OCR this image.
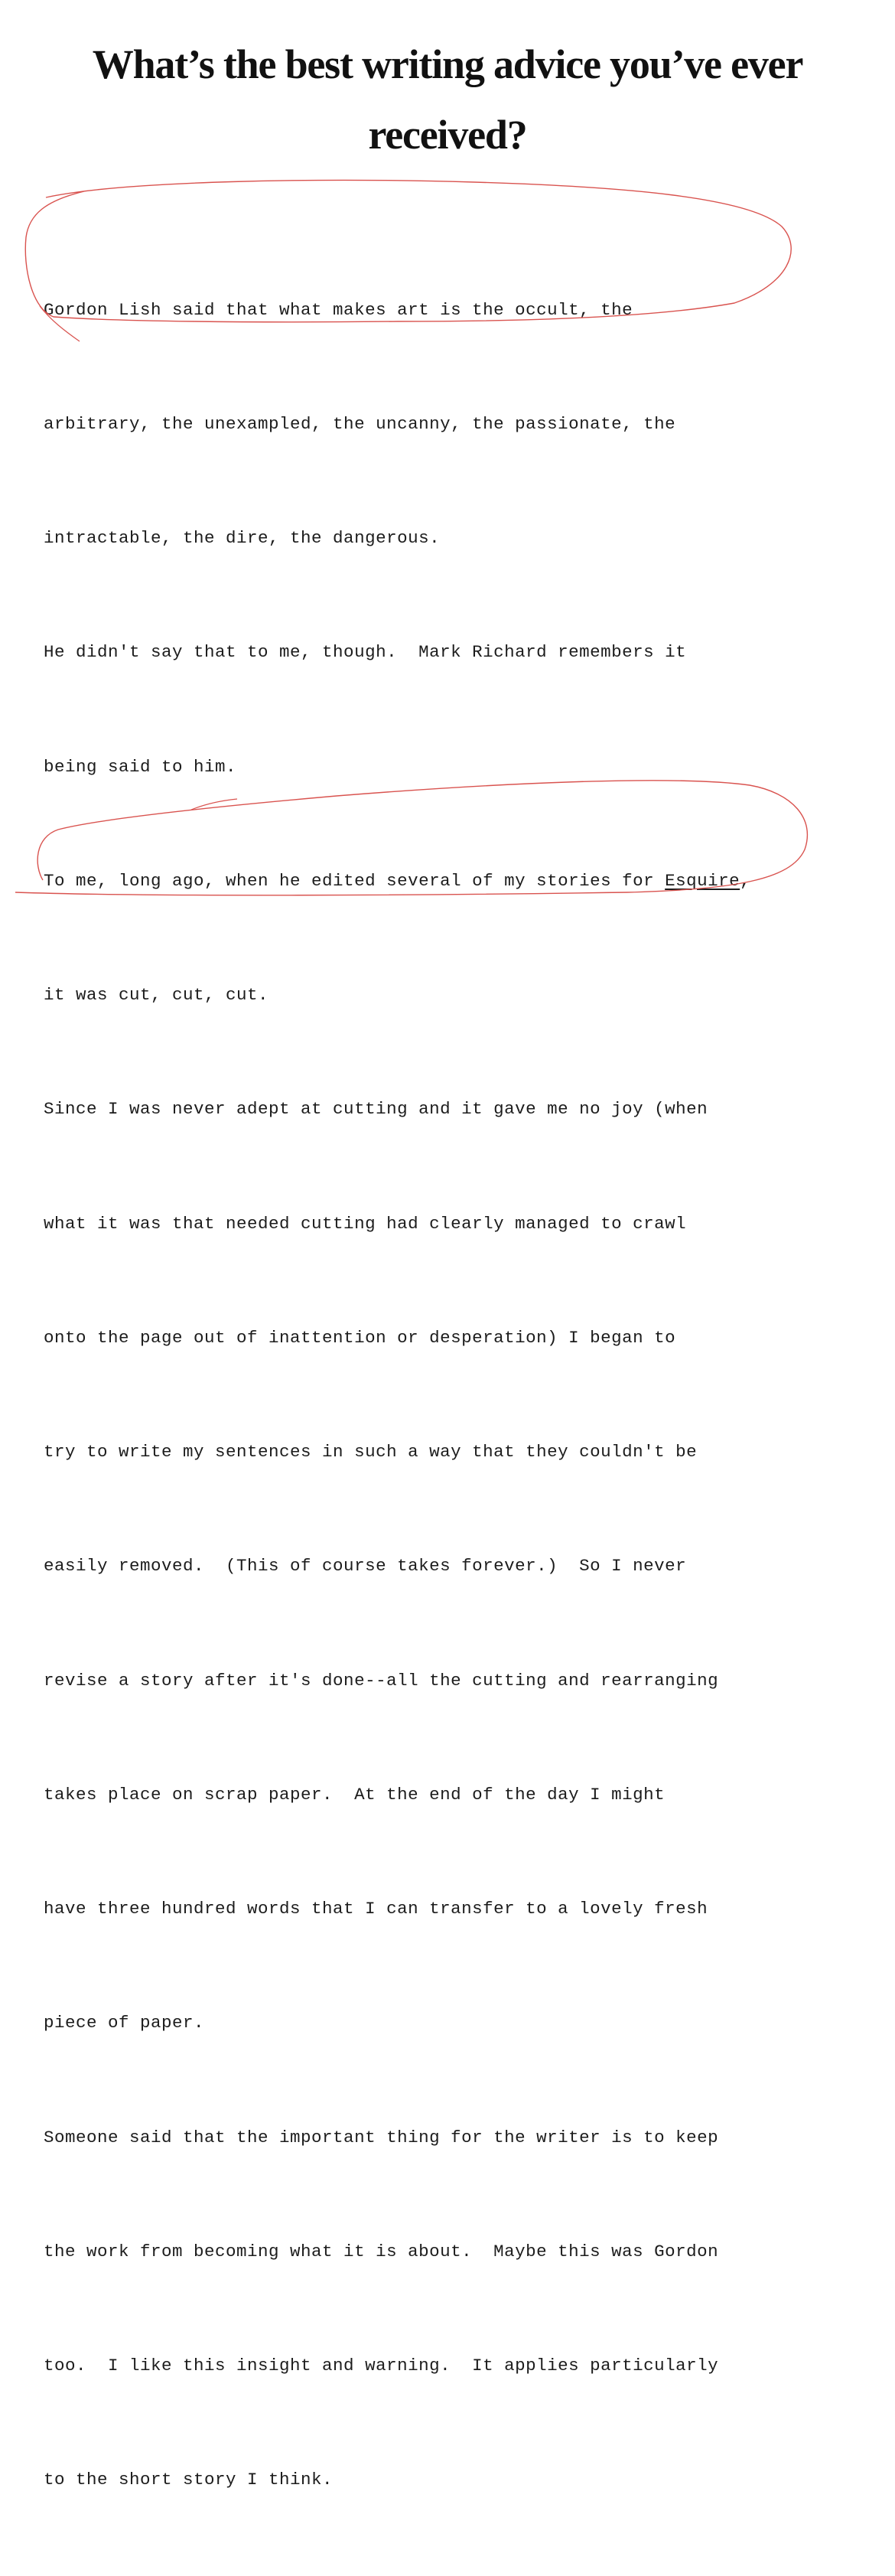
What’s the best writing advice you’ve ever received?

Gordon Lish said that what makes art is the occult, the

arbitrary, the unexampled, the uncanny, the passionate, the

intractable, the dire, the dangerous.

He didn't say that to me, though.  Mark Richard remembers it

being said to him.

To me, long ago, when he edited several of my stories for Esquire,

it was cut, cut, cut.

Since I was never adept at cutting and it gave me no joy (when

what it was that needed cutting had clearly managed to crawl

onto the page out of inattention or desperation) I began to

try to write my sentences in such a way that they couldn't be

easily removed.  (This of course takes forever.)  So I never

revise a story after it's done--all the cutting and rearranging

takes place on scrap paper.  At the end of the day I might

have three hundred words that I can transfer to a lovely fresh

piece of paper.

Someone said that the important thing for the writer is to keep

the work from becoming what it is about.  Maybe this was Gordon

too.  I like this insight and warning.  It applies particularly

to the short story I think.
